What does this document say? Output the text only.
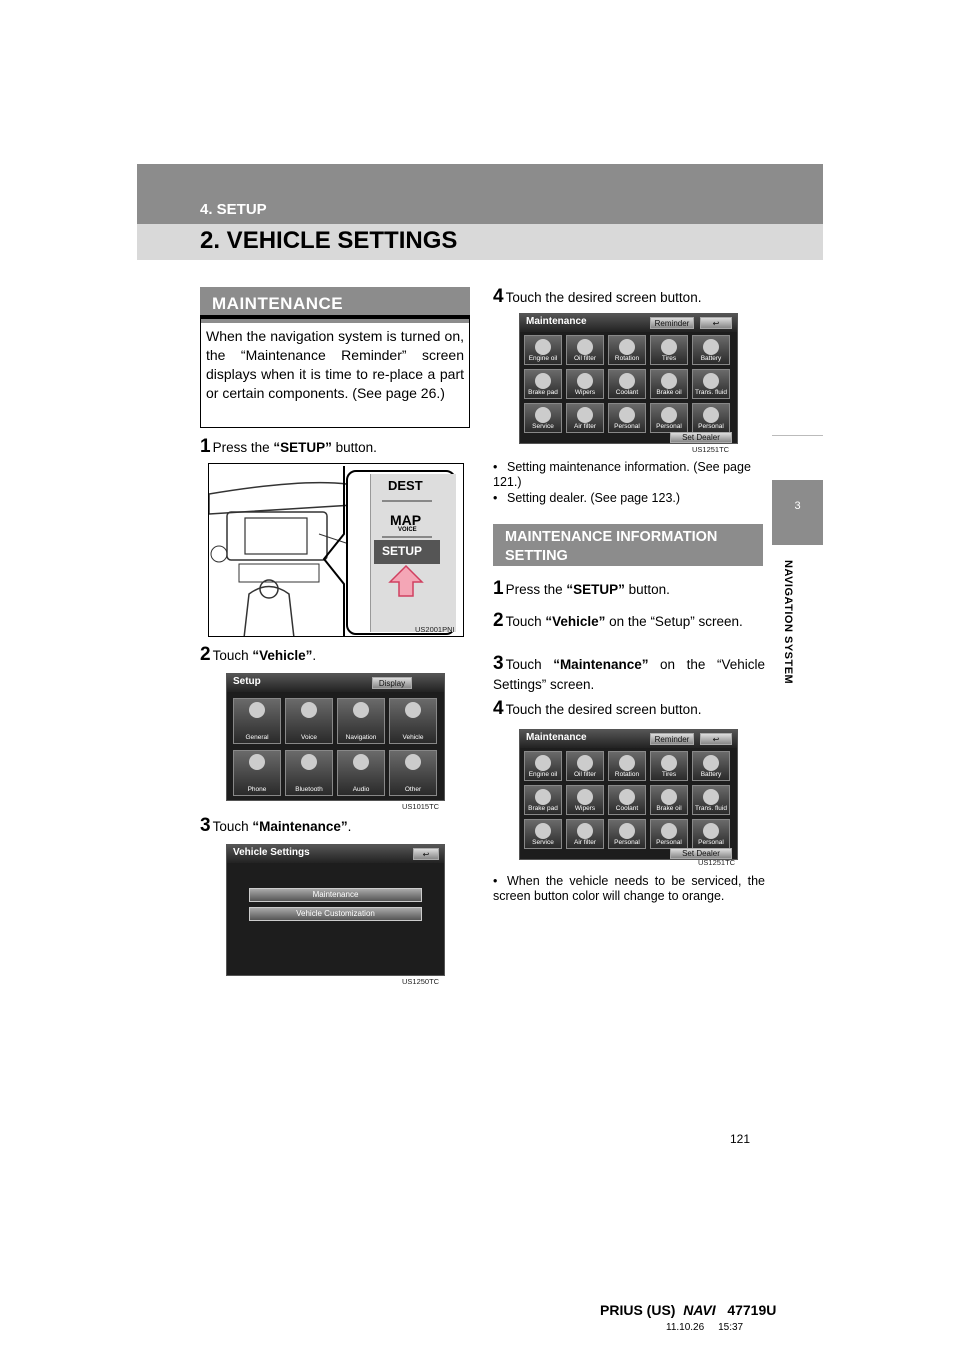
4. SETUP
2. VEHICLE SETTINGS
3
NAVIGATION SYSTEM
MAINTENANCE
When the navigation system is turned on, the “Maintenance Reminder” screen displays when it is time to re-place a part or certain components. (See page 26.)
1 Press the “SETUP” button.
DEST
MAP
VOICE
SETUP
US2001PNI
2 Touch “Vehicle”.
Setup	Display
General	Voice	Navigation	Vehicle
Phone	Bluetooth	Audio	Other
US1015TC
3 Touch “Maintenance”.
Vehicle Settings	↩
Maintenance
Vehicle Customization
US1250TC
4 Touch the desired screen button.
Maintenance	Reminder	↩
Engine oil	Oil filter	Rotation	Tires	Battery
Brake pad	Wipers	Coolant	Brake oil	Trans. fluid
Service	Air filter	Personal	Personal	Personal
Set Dealer
US1251TC
• Setting maintenance information. (See page 121.)
• Setting dealer. (See page 123.)
MAINTENANCE INFORMATION SETTING
1 Press the “SETUP” button.
2 Touch “Vehicle” on the “Setup” screen.
3 Touch “Maintenance” on the “Vehicle Settings” screen.
4 Touch the desired screen button.
Maintenance	Reminder	↩
Engine oil	Oil filter	Rotation	Tires	Battery
Brake pad	Wipers	Coolant	Brake oil	Trans. fluid
Service	Air filter	Personal	Personal	Personal
Set Dealer
US1251TC
• When the vehicle needs to be serviced, the screen button color will change to orange.
121
PRIUS (US) NAVI 47719U
11.10.26     15:37
